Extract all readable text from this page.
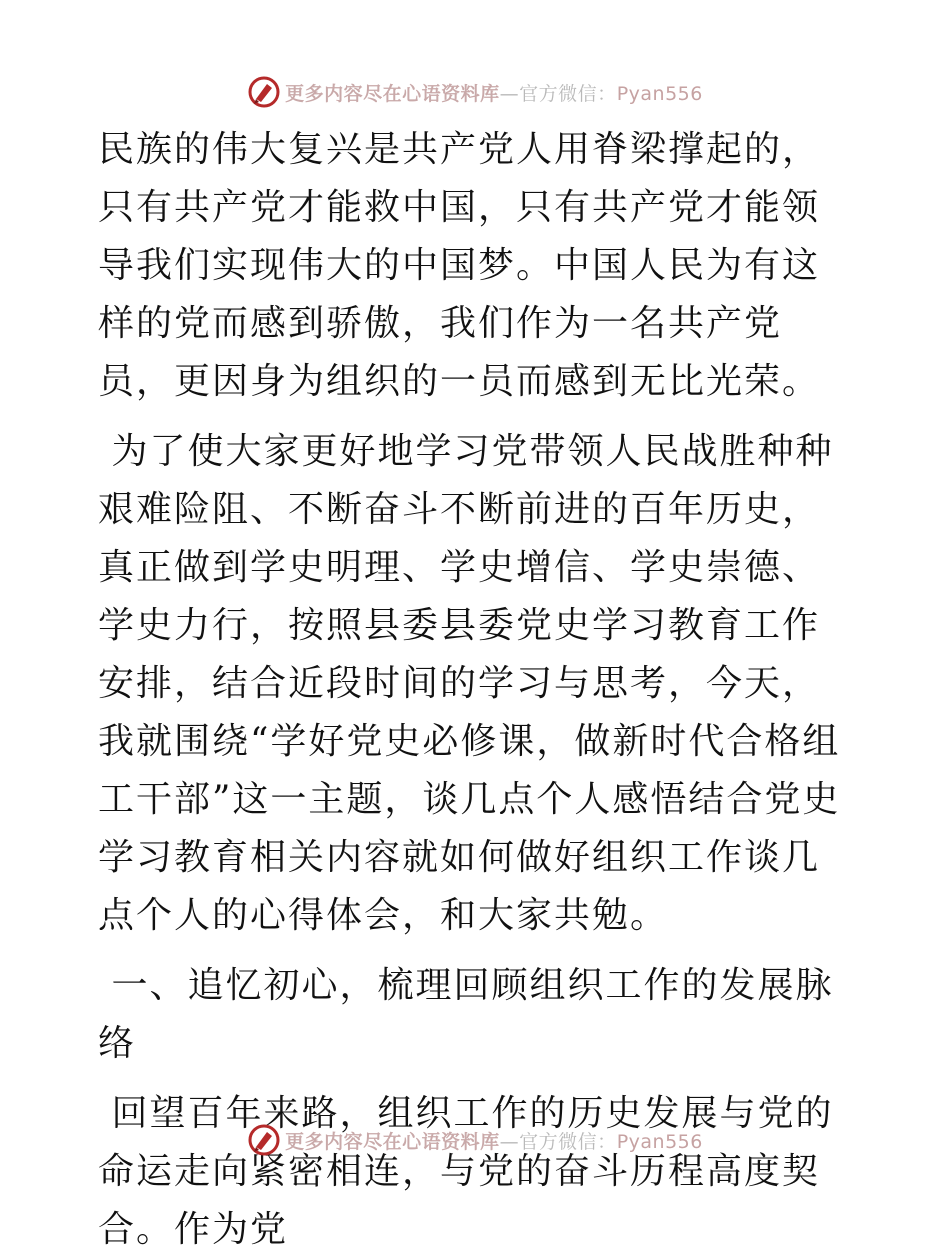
更多内容尽在心语资料库—官方微信：Pyan556

民族的伟大复兴是共产党人用脊梁撑起的，只有共产党才能救中国，只有共产党才能领导我们实现伟大的中国梦。中国人民为有这样的党而感到骄傲，我们作为一名共产党员，更因身为组织的一员而感到无比光荣。

为了使大家更好地学习党带领人民战胜种种艰难险阻、不断奋斗不断前进的百年历史，真正做到学史明理、学史增信、学史崇德、学史力行，按照县委县委党史学习教育工作安排，结合近段时间的学习与思考，今天，我就围绕“学好党史必修课，做新时代合格组工干部”这一主题，谈几点个人感悟结合党史学习教育相关内容就如何做好组织工作谈几点个人的心得体会，和大家共勉。

一、追忆初心，梳理回顾组织工作的发展脉络

回望百年来路，组织工作的历史发展与党的命运走向紧密相连，与党的奋斗历程高度契合。作为党

更多内容尽在心语资料库—官方微信：Pyan556
